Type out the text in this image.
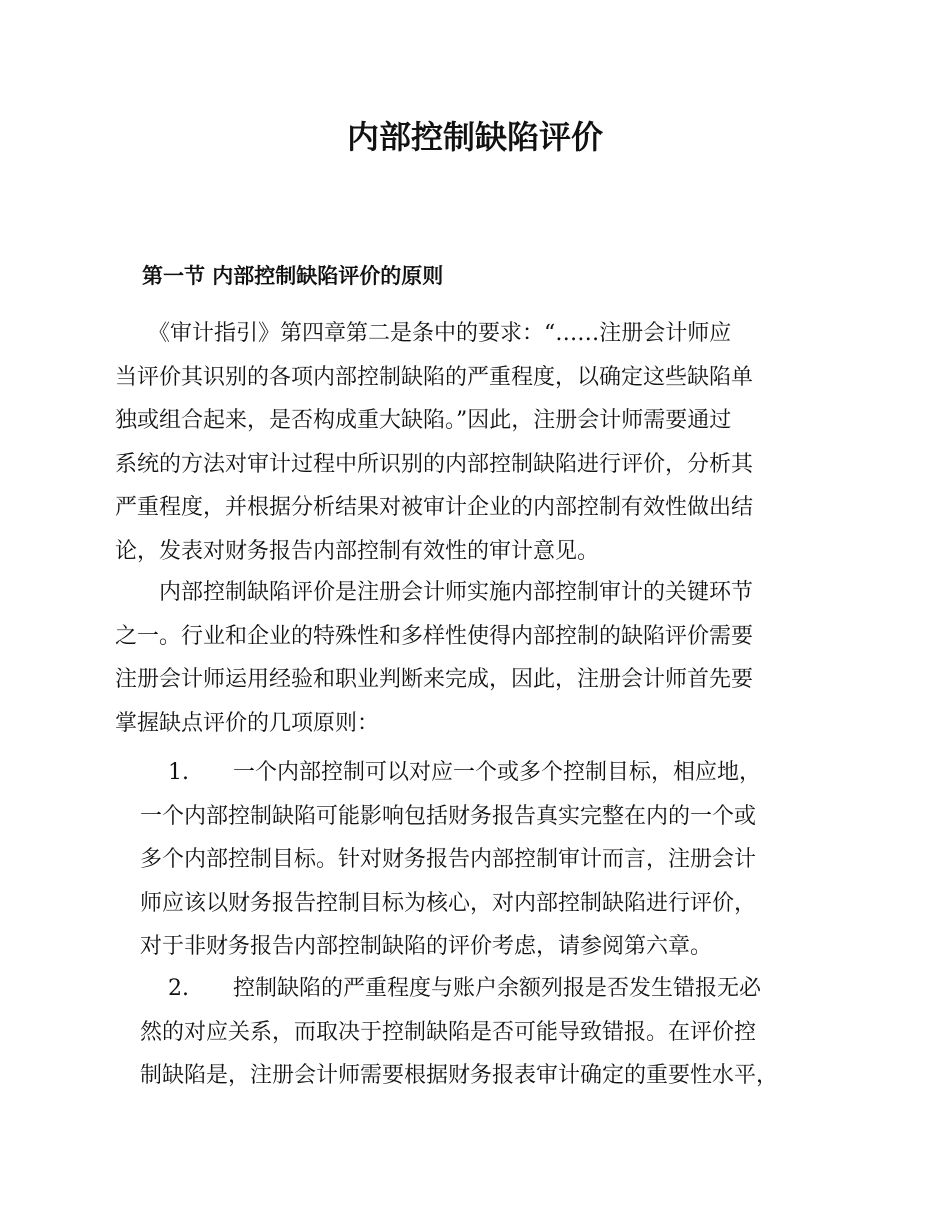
内部控制缺陷评价
第一节 内部控制缺陷评价的原则
　　《审计指引》第四章第二是条中的要求：“……注册会计师应
当评价其识别的各项内部控制缺陷的严重程度，以确定这些缺陷单
独或组合起来，是否构成重大缺陷。”因此，注册会计师需要通过
系统的方法对审计过程中所识别的内部控制缺陷进行评价，分析其
严重程度，并根据分析结果对被审计企业的内部控制有效性做出结
论，发表对财务报告内部控制有效性的审计意见。
　　内部控制缺陷评价是注册会计师实施内部控制审计的关键环节
之一。行业和企业的特殊性和多样性使得内部控制的缺陷评价需要
注册会计师运用经验和职业判断来完成，因此，注册会计师首先要
掌握缺点评价的几项原则：
1. 一个内部控制可以对应一个或多个控制目标，相应地，
一个内部控制缺陷可能影响包括财务报告真实完整在内的一个或
多个内部控制目标。针对财务报告内部控制审计而言，注册会计
师应该以财务报告控制目标为核心，对内部控制缺陷进行评价，
对于非财务报告内部控制缺陷的评价考虑，请参阅第六章。
2. 控制缺陷的严重程度与账户余额列报是否发生错报无必
然的对应关系，而取决于控制缺陷是否可能导致错报。在评价控
制缺陷是，注册会计师需要根据财务报表审计确定的重要性水平，
